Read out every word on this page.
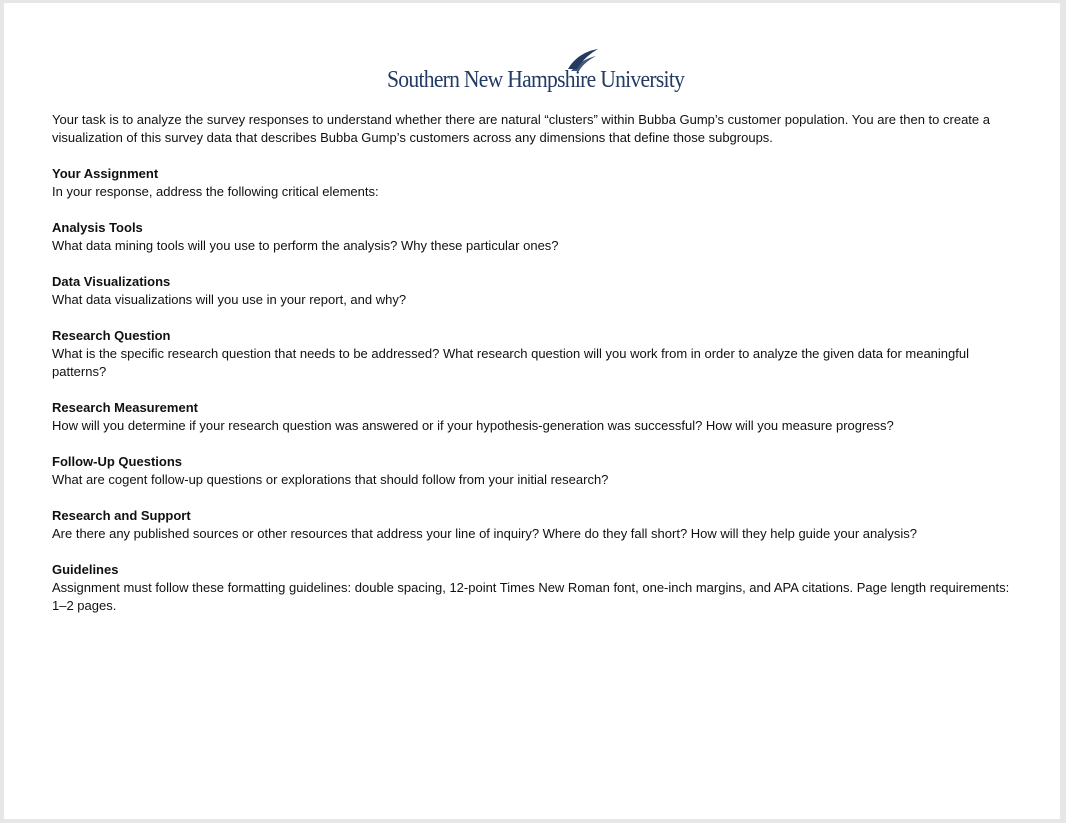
Southern New Hampshire University

Your task is to analyze the survey responses to understand whether there are natural “clusters” within Bubba Gump’s customer population. You are then to create a visualization of this survey data that describes Bubba Gump’s customers across any dimensions that define those subgroups.

Your Assignment

In your response, address the following critical elements:

Analysis Tools

What data mining tools will you use to perform the analysis? Why these particular ones?

Data Visualizations

What data visualizations will you use in your report, and why?

Research Question

What is the specific research question that needs to be addressed? What research question will you work from in order to analyze the given data for meaningful patterns?

Research Measurement

How will you determine if your research question was answered or if your hypothesis-generation was successful? How will you measure progress?

Follow-Up Questions

What are cogent follow-up questions or explorations that should follow from your initial research?

Research and Support

Are there any published sources or other resources that address your line of inquiry? Where do they fall short? How will they help guide your analysis?

Guidelines

Assignment must follow these formatting guidelines: double spacing, 12-point Times New Roman font, one-inch margins, and APA citations. Page length requirements: 1–2 pages.
